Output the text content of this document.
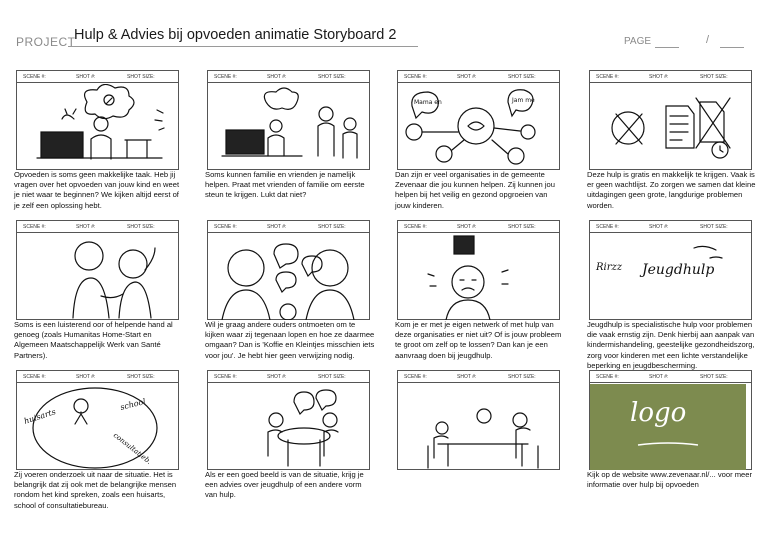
PROJECT
Hulp & Advies bij opvoeden animatie Storyboard 2	PAGE	/
SCENE #:	SHOT #:	SHOT SIZE:
Opvoeden is soms geen makkelijke taak. Heb jij vragen over het opvoeden van jouw kind en weet je niet waar te beginnen? We kijken altijd eerst of je zelf een oplossing hebt.
SCENE #:	SHOT #:	SHOT SIZE:
Soms kunnen familie en vrienden je namelijk helpen. Praat met vrienden of familie om eerste steun te krijgen. Lukt dat niet?
SCENE #:	SHOT #:	SHOT SIZE:
Mama en	Jam me
Dan zijn er veel organisaties in de gemeente Zevenaar die jou kunnen helpen. Zij kunnen jou helpen bij het veilig en gezond opgroeien van jouw kinderen.
SCENE #:	SHOT #:	SHOT SIZE:
Deze hulp is gratis en makkelijk te krijgen. Vaak is er geen wachtlijst. Zo zorgen we samen dat kleine uitdagingen geen grote, langdurige problemen worden.
SCENE #:	SHOT #:	SHOT SIZE:
Soms is een luisterend oor of helpende hand al genoeg (zoals Humanitas Home-Start en Algemeen Maatschappelijk Werk van Santé Partners).
SCENE #:	SHOT #:	SHOT SIZE:
Wil je graag andere ouders ontmoeten om te kijken waar zij tegenaan lopen en hoe ze daarmee omgaan? Dan is 'Koffie en Kleintjes misschien iets voor jou'. Je hebt hier geen verwijzing nodig.
SCENE #:	SHOT #:	SHOT SIZE:
Kom je er met je eigen netwerk of met hulp van deze organisaties er niet uit? Of is jouw probleem te groot om zelf op te lossen? Dan kan je een aanvraag doen bij jeugdhulp.
SCENE #:	SHOT #:	SHOT SIZE:
Rirzz Jeugdhulp
Jeugdhulp is specialistische hulp voor problemen die vaak ernstig zijn. Denk hierbij aan aanpak van kindermishandeling, geestelijke gezondheidszorg, zorg voor kinderen met een lichte verstandelijke beperking en jeugdbescherming.
SCENE #:	SHOT #:	SHOT SIZE:
huisarts
school
consultatieb.
Zij voeren onderzoek uit naar de situatie. Het is belangrijk dat zij ook met de belangrijke mensen rondom het kind spreken, zoals een huisarts, school of consultatiebureau.
SCENE #:	SHOT #:	SHOT SIZE:
Als er een goed beeld is van de situatie, krijg je een advies over jeugdhulp of een andere vorm van hulp.
SCENE #:	SHOT #:	SHOT SIZE:	SCENE #:	SHOT #:	SHOT SIZE:
Kijk op de website www.zevenaar.nl/... voor meer informatie over hulp bij opvoeden
logo
